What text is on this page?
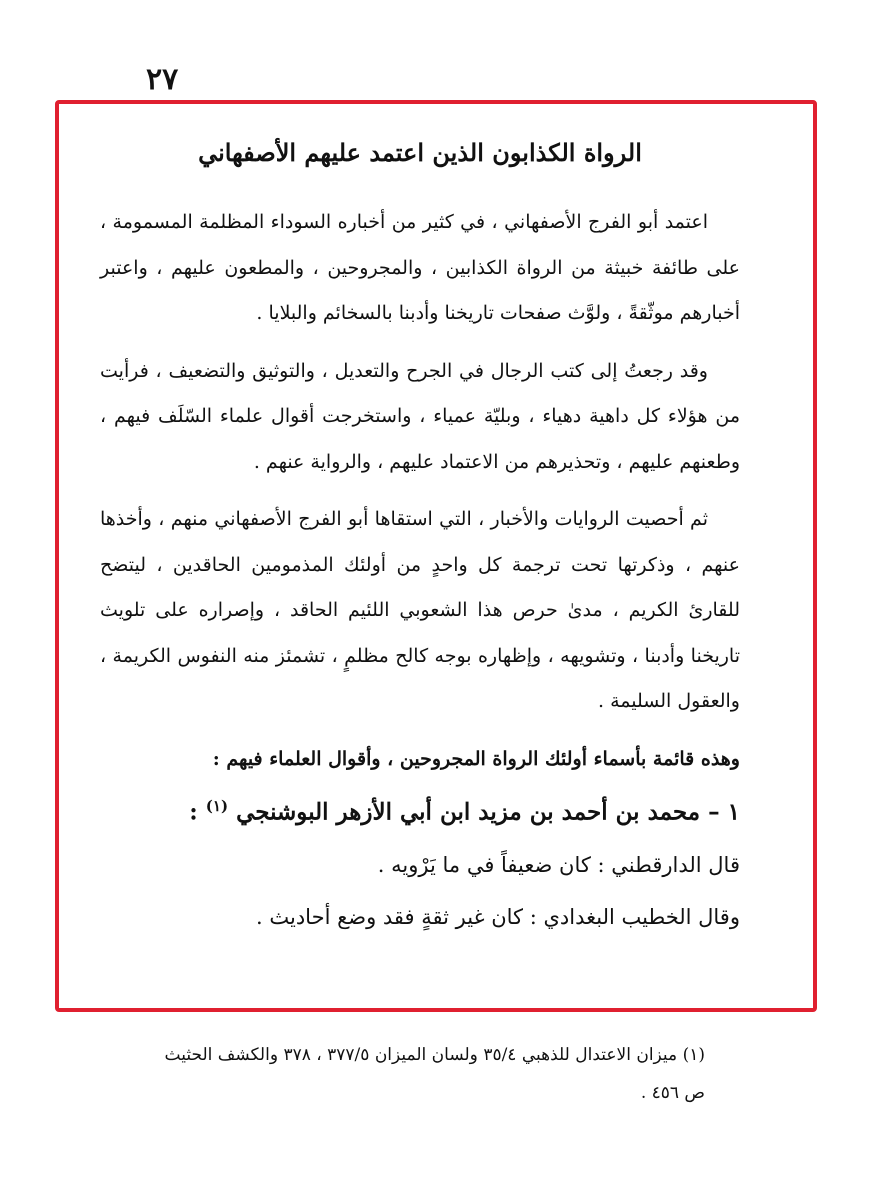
٢٧
الرواة الكذابون الذين اعتمد عليهم الأصفهاني

اعتمد أبو الفرج الأصفهاني ، في كثير من أخباره السوداء المظلمة المسمومة ، على طائفة خبيثة من الرواة الكذابين ، والمجروحين ، والمطعون عليهم ، واعتبر أخبارهم موثّقةً ، ولوَّث صفحات تاريخنا وأدبنا بالسخائم والبلايا .

وقد رجعتُ إلى كتب الرجال في الجرح والتعديل ، والتوثيق والتضعيف ، فرأيت من هؤلاء كل داهية دهياء ، وبليّة عمياء ، واستخرجت أقوال علماء السّلَف فيهم ، وطعنهم عليهم ، وتحذيرهم من الاعتماد عليهم ، والرواية عنهم .

ثم أحصيت الروايات والأخبار ، التي استقاها أبو الفرج الأصفهاني منهم ، وأخذها عنهم ، وذكرتها تحت ترجمة كل واحدٍ من أولئك المذمومين الحاقدين ، ليتضح للقارئ الكريم ، مدىٰ حرص هذا الشعوبي اللئيم الحاقد ، وإصراره على تلويث تاريخنا وأدبنا ، وتشويهه ، وإظهاره بوجه كالح مظلمٍ ، تشمئز منه النفوس الكريمة ، والعقول السليمة .

وهذه قائمة بأسماء أولئك الرواة المجروحين ، وأقوال العلماء فيهم :

١ – محمد بن أحمد بن مزيد ابن أبي الأزهر البوشنجي $^{(١)}$ :

قال الدارقطني : كان ضعيفاً في ما يَرْويه .

وقال الخطيب البغدادي : كان غير ثقةٍ فقد وضع أحاديث .

(١) ميزان الاعتدال للذهبي ٣٥/٤ ولسان الميزان ٣٧٧/٥ ، ٣٧٨ والكشف الحثيث
ص ٤٥٦ .
